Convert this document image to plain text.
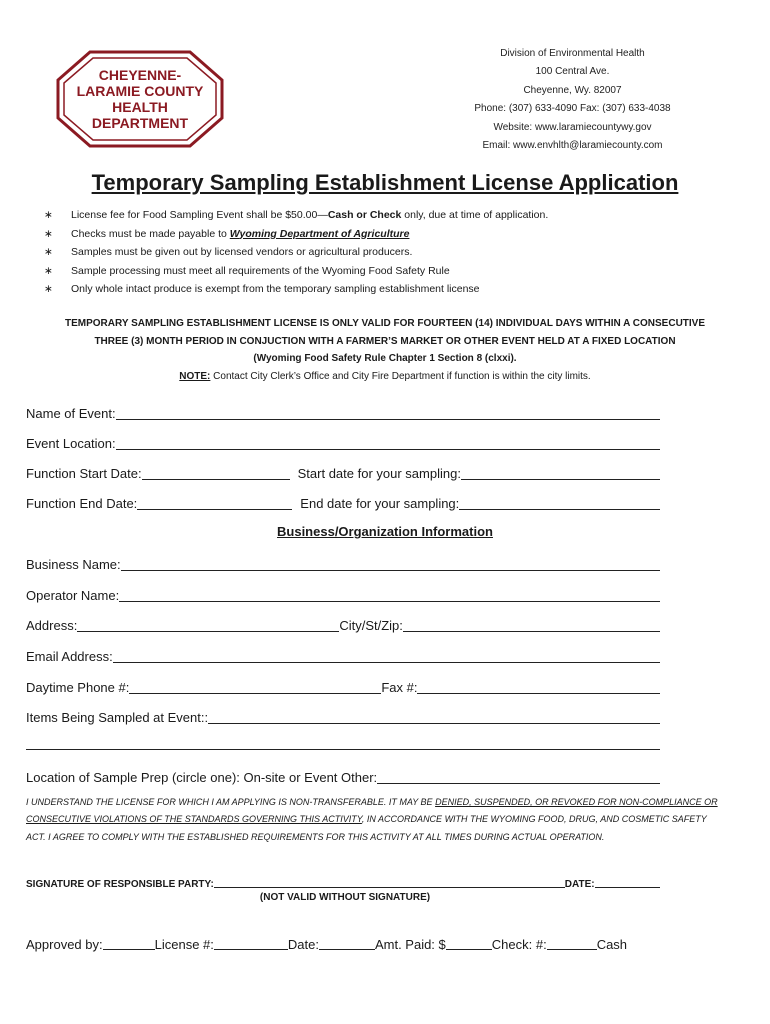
CHEYENNE-
LARAMIE COUNTY
HEALTH
DEPARTMENT
Division of Environmental Health
100 Central Ave.
Cheyenne, Wy. 82007
Phone: (307) 633-4090 Fax: (307) 633-4038
Website: www.laramiecountywy.gov
Email: www.envhlth@laramiecounty.com
Temporary Sampling Establishment License Application
∗ License fee for Food Sampling Event shall be $50.00—Cash or Check only, due at time of application.
∗ Checks must be made payable to Wyoming Department of Agriculture
∗ Samples must be given out by licensed vendors or agricultural producers.
∗ Sample processing must meet all requirements of the Wyoming Food Safety Rule
∗ Only whole intact produce is exempt from the temporary sampling establishment license
TEMPORARY SAMPLING ESTABLISHMENT LICENSE IS ONLY VALID FOR FOURTEEN (14) INDIVIDUAL DAYS WITHIN A CONSECUTIVE
THREE (3) MONTH PERIOD IN CONJUCTION WITH A FARMER’S MARKET OR OTHER EVENT HELD AT A FIXED LOCATION
(Wyoming Food Safety Rule Chapter 1 Section 8 (clxxi).
NOTE: Contact City Clerk’s Office and City Fire Department if function is within the city limits.
Name of Event:
Event Location:
Function Start Date:	Start date for your sampling:
Function End Date:	End date for your sampling:
Business/Organization Information
Business Name:
Operator Name:
Address:	City/St/Zip:
Email Address:
Daytime Phone #:	Fax #:
Items Being Sampled at Event::
Location of Sample Prep (circle one): On-site or Event Other:
I UNDERSTAND THE LICENSE FOR WHICH I AM APPLYING IS NON-TRANSFERABLE. IT MAY BE DENIED, SUSPENDED, OR REVOKED FOR NON-COMPLIANCE OR
CONSECUTIVE VIOLATIONS OF THE STANDARDS GOVERNING THIS ACTIVITY, IN ACCORDANCE WITH THE WYOMING FOOD, DRUG, AND COSMETIC SAFETY
ACT. I AGREE TO COMPLY WITH THE ESTABLISHED REQUIREMENTS FOR THIS ACTIVITY AT ALL TIMES DURING ACTUAL OPERATION.
SIGNATURE OF RESPONSIBLE PARTY:	DATE:
(NOT VALID WITHOUT SIGNATURE)
Approved by:	License #:	Date:	Amt. Paid: $	Check: #:	Cash
